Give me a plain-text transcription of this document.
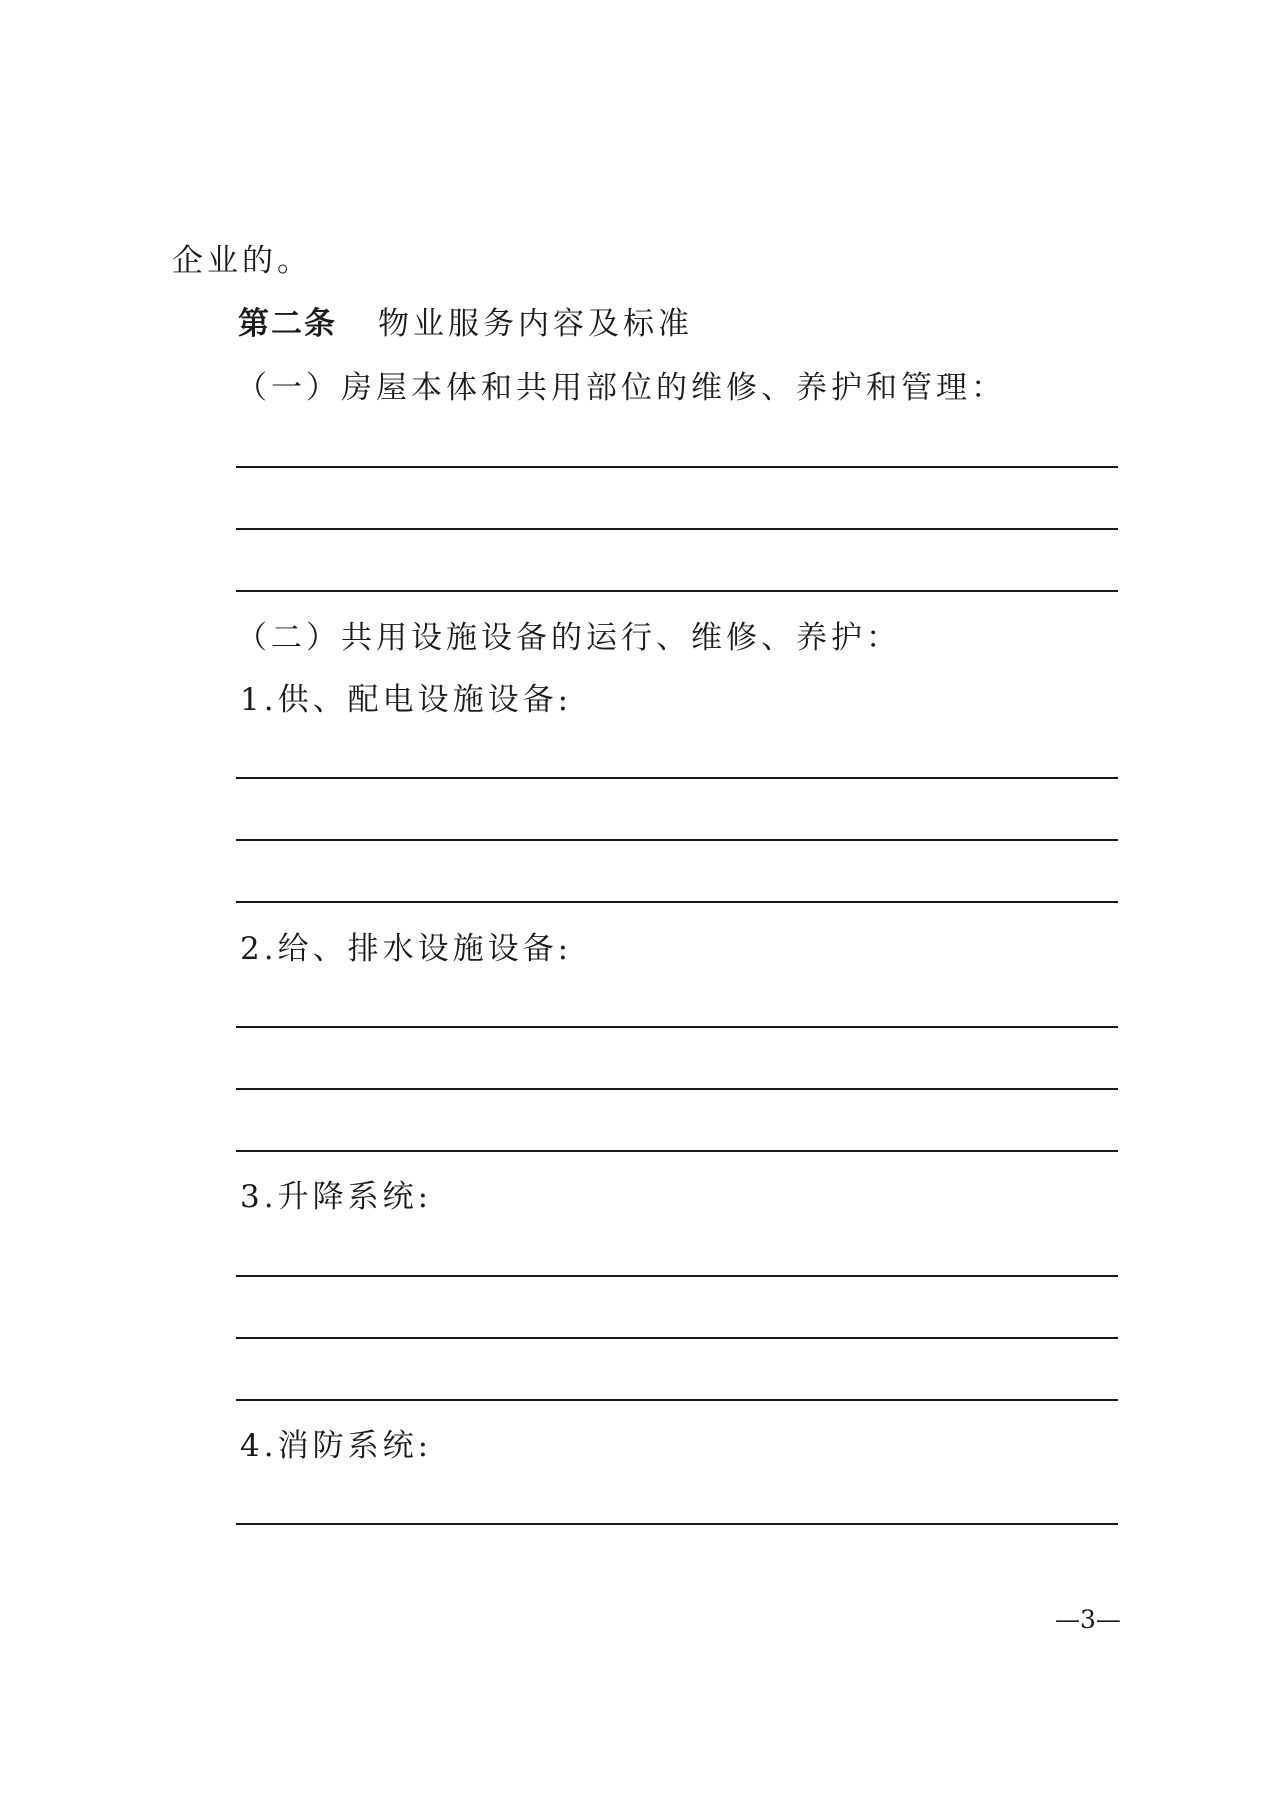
企业的。
第二条 物业服务内容及标准
（一）房屋本体和共用部位的维修、养护和管理：
（二）共用设施设备的运行、维修、养护：
1.供、配电设施设备:
2.给、排水设施设备:
3.升降系统:
4.消防系统:
—3—
